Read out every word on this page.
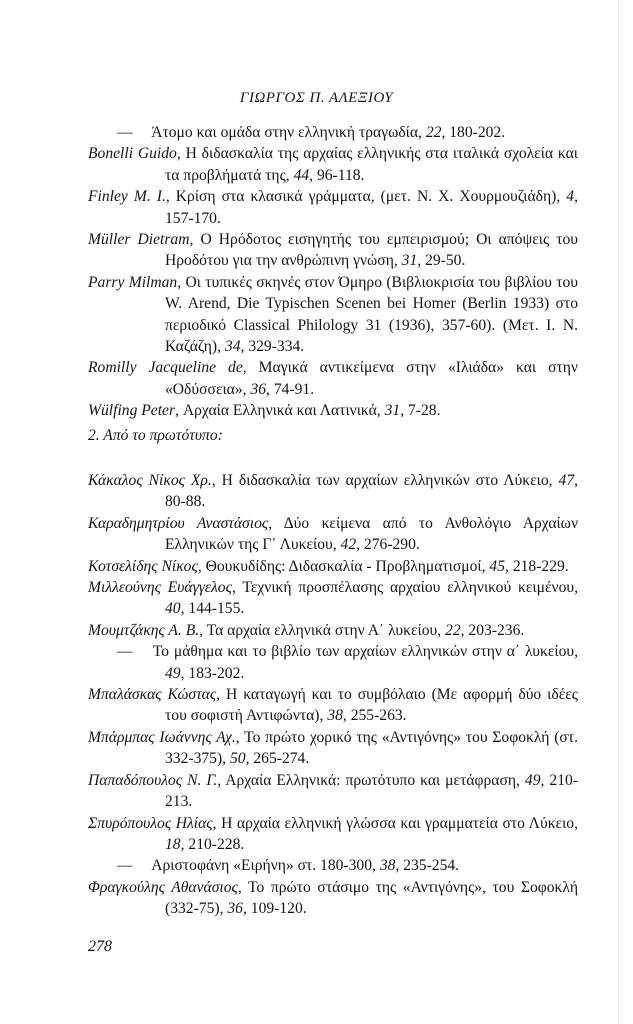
ΓΙΩΡΓΟΣ Π. ΑΛΕΞΙΟΥ

—  Άτομο και ομάδα στην ελληνική τραγωδία, 22, 180-202.

Bonelli Guido, Η διδασκαλία της αρχαίας ελληνικής στα ιταλικά σχολεία και τα προβλήματά της, 44, 96-118.

Finley M. I., Κρίση στα κλασικά γράμματα, (μετ. Ν. Χ. Χουρμουζιάδη), 4, 157-170.

Müller Dietram, Ο Ηρόδοτος εισηγητής του εμπειρισμού; Οι απόψεις του Ηροδότου για την ανθρώπινη γνώση, 31, 29-50.

Parry Milman, Οι τυπικές σκηνές στον Όμηρο (Βιβλιοκρισία του βιβλίου του W. Arend, Die Typischen Scenen bei Homer (Berlin 1933) στο περιοδικό Classical Philology 31 (1936), 357-60). (Μετ. Ι. Ν. Καζάζη), 34, 329-334.

Romilly Jacqueline de, Μαγικά αντικείμενα στην «Ιλιάδα» και στην «Οδύσσεια», 36, 74-91.

Wülfing Peter, Αρχαία Ελληνικά και Λατινικά, 31, 7-28.

2. Από το πρωτότυπο:

Κάκαλος Νίκος Χρ., Η διδασκαλία των αρχαίων ελληνικών στο Λύκειο, 47, 80-88.

Καραδημητρίου Αναστάσιος, Δύο κείμενα από το Ανθολόγιο Αρχαίων Ελληνικών της Γ΄ Λυκείου, 42, 276-290.

Κοτσελίδης Νίκος, Θουκυδίδης: Διδασκαλία - Προβληματισμοί, 45, 218-229.

Μιλλεούνης Ευάγγελος, Τεχνική προσπέλασης αρχαίου ελληνικού κειμένου, 40, 144-155.

Μουμτζάκης Α. Β., Τα αρχαία ελληνικά στην Α΄ λυκείου, 22, 203-236.

—  Το μάθημα και το βιβλίο των αρχαίων ελληνικών στην α΄ λυκείου, 49, 183-202.

Μπαλάσκας Κώστας, Η καταγωγή και το συμβόλαιο (Με αφορμή δύο ιδέες του σοφιστή Αντιφώντα), 38, 255-263.

Μπάρμπας Ιωάννης Αχ., Το πρώτο χορικό της «Αντιγόνης» του Σοφοκλή (στ. 332-375), 50, 265-274.

Παπαδόπουλος Ν. Γ., Αρχαία Ελληνικά: πρωτότυπο και μετάφραση, 49, 210-213.

Σπυρόπουλος Ηλίας, Η αρχαία ελληνική γλώσσα και γραμματεία στο Λύκειο, 18, 210-228.

—  Αριστοφάνη «Ειρήνη» στ. 180-300, 38, 235-254.

Φραγκούλης Αθανάσιος, Το πρώτο στάσιμο της «Αντιγόνης», του Σοφοκλή (332-75), 36, 109-120.

278
